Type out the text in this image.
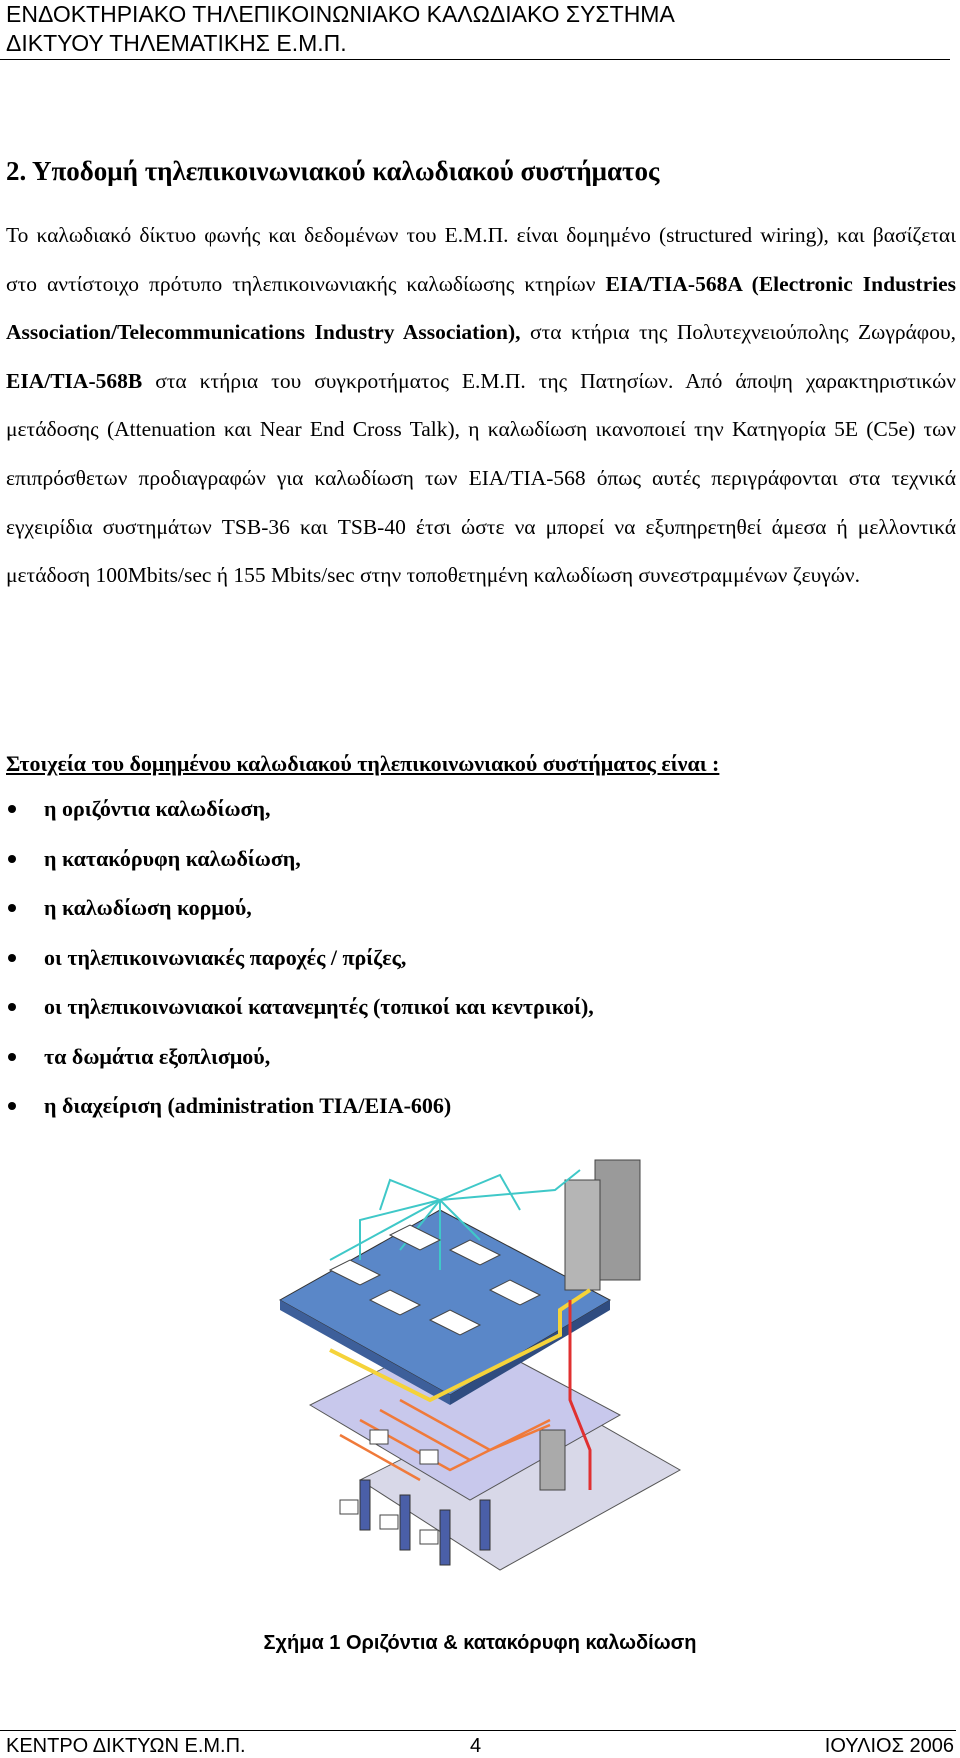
ΕΝΔΟΚΤΗΡΙΑΚΟ ΤΗΛΕΠΙΚΟΙΝΩΝΙΑΚΟ ΚΑΛΩΔΙΑΚΟ ΣΥΣΤΗΜΑ
ΔΙΚΤΥΟΥ ΤΗΛΕΜΑΤΙΚΗΣ Ε.Μ.Π.
2. Υποδομή τηλεπικοινωνιακού καλωδιακού συστήματος
Το καλωδιακό δίκτυο φωνής και δεδομένων του Ε.Μ.Π. είναι δομημένο (structured wiring), και βασίζεται στο αντίστοιχο πρότυπο τηλεπικοινωνιακής καλωδίωσης κτηρίων EIA/TIA-568A (Electronic Industries Association/Telecommunications Industry Association), στα κτήρια της Πολυτεχνειούπολης Ζωγράφου, EIA/TIA-568B στα κτήρια του συγκροτήματος Ε.Μ.Π. της Πατησίων. Από άποψη χαρακτηριστικών μετάδοσης (Attenuation και Near End Cross Talk), η καλωδίωση ικανοποιεί την Κατηγορία 5E (C5e) των επιπρόσθετων προδιαγραφών για καλωδίωση των EIA/TIA-568 όπως αυτές περιγράφονται στα τεχνικά εγχειρίδια συστημάτων TSB-36 και TSB-40 έτσι ώστε να μπορεί να εξυπηρετηθεί άμεσα ή μελλοντικά μετάδοση 100Mbits/sec ή 155 Mbits/sec στην τοποθετημένη καλωδίωση συνεστραμμένων ζευγών.
Στοιχεία του δομημένου καλωδιακού τηλεπικοινωνιακού συστήματος είναι :
η οριζόντια καλωδίωση,
η κατακόρυφη καλωδίωση,
η καλωδίωση κορμού,
οι τηλεπικοινωνιακές παροχές / πρίζες,
οι τηλεπικοινωνιακοί κατανεμητές (τοπικοί και κεντρικοί),
τα δωμάτια εξοπλισμού,
η διαχείριση (administration TIA/EIA-606)
Σχήμα 1 Οριζόντια & κατακόρυφη καλωδίωση
ΚΕΝΤΡΟ ΔΙΚΤΥΩΝ Ε.Μ.Π.	4	ΙΟΥΛΙΟΣ 2006
